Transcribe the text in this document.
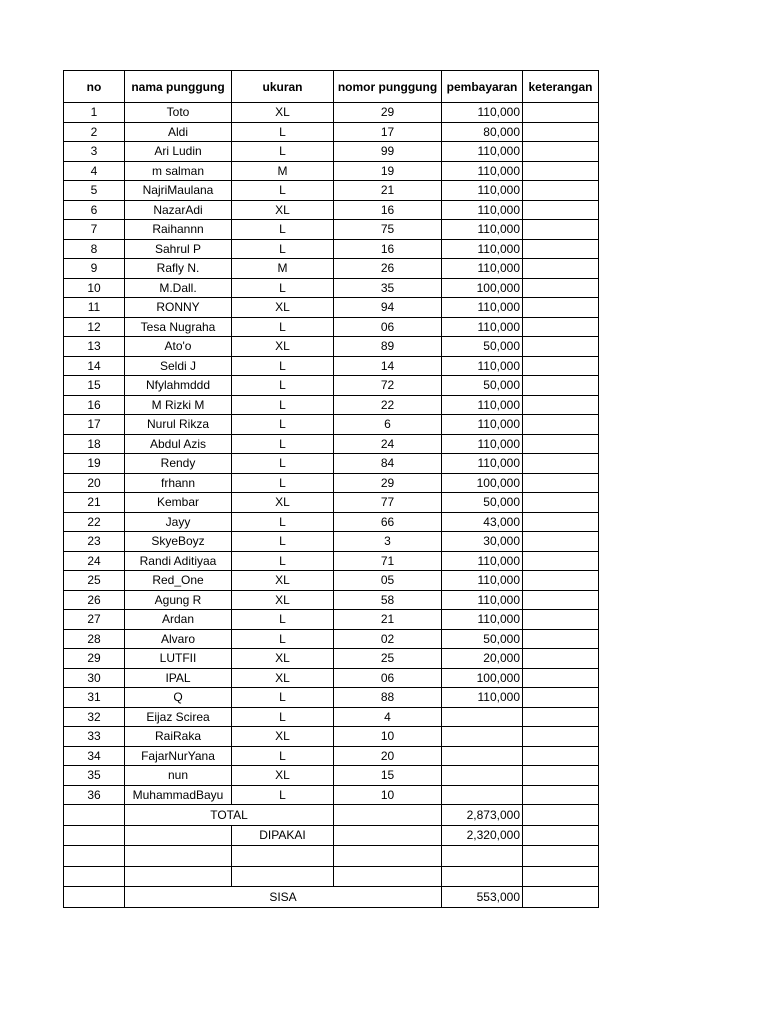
no	nama punggung	ukuran	nomor punggung	pembayaran	keterangan
1	Toto	XL	29	110,000	
2	Aldi	L	17	80,000	
3	Ari Ludin	L	99	110,000	
4	m salman	M	19	110,000	
5	NajriMaulana	L	21	110,000	
6	NazarAdi	XL	16	110,000	
7	Raihannn	L	75	110,000	
8	Sahrul P	L	16	110,000	
9	Rafly N.	M	26	110,000	
10	M.Dall.	L	35	100,000	
11	RONNY	XL	94	110,000	
12	Tesa Nugraha	L	06	110,000	
13	Ato'o	XL	89	50,000	
14	Seldi J	L	14	110,000	
15	Nfylahmddd	L	72	50,000	
16	M Rizki M	L	22	110,000	
17	Nurul Rikza	L	6	110,000	
18	Abdul Azis	L	24	110,000	
19	Rendy	L	84	110,000	
20	frhann	L	29	100,000	
21	Kembar	XL	77	50,000	
22	Jayy	L	66	43,000	
23	SkyeBoyz	L	3	30,000	
24	Randi Aditiyaa	L	71	110,000	
25	Red_One	XL	05	110,000	
26	Agung R	XL	58	110,000	
27	Ardan	L	21	110,000	
28	Alvaro	L	02	50,000	
29	LUTFII	XL	25	20,000	
30	IPAL	XL	06	100,000	
31	Q	L	88	110,000	
32	Eijaz Scirea	L	4		
33	RaiRaka	XL	10		
34	FajarNurYana	L	20		
35	nun	XL	15		
36	MuhammadBayu	L	10		
	TOTAL			2,873,000	
		DIPAKAI		2,320,000	

	SISA			553,000	
